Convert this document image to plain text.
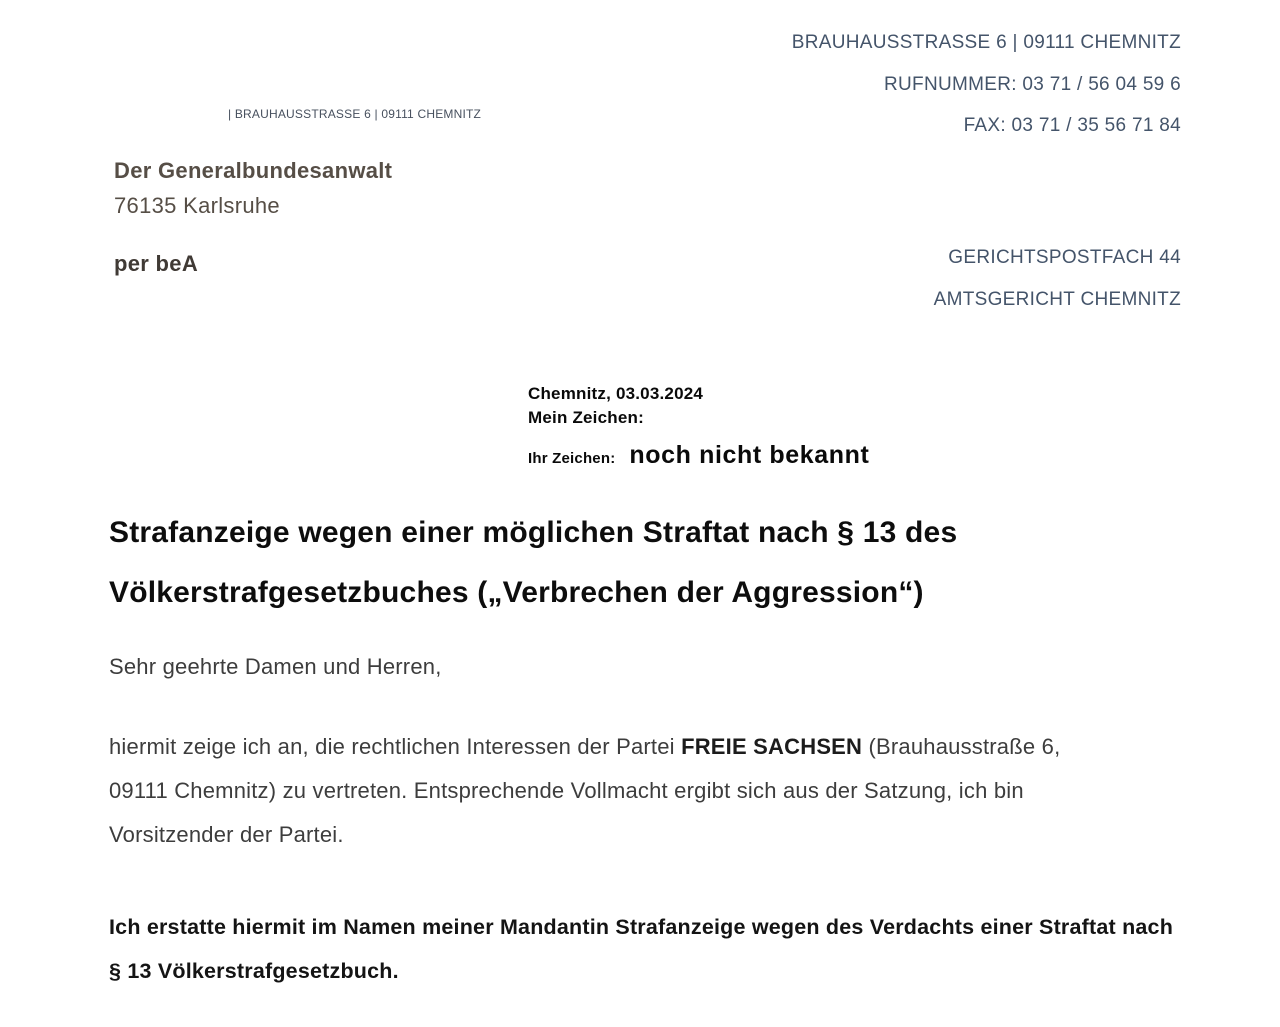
BRAUHAUSSTRASSE 6 | 09111 CHEMNITZ
RUFNUMMER: 03 71 / 56 04 59 6
FAX: 03 71 / 35 56 71 84
| BRAUHAUSSTRASSE 6 | 09111 CHEMNITZ
Der Generalbundesanwalt
76135 Karlsruhe
per beA	GERICHTSPOSTFACH 44
AMTSGERICHT CHEMNITZ
Chemnitz, 03.03.2024
Mein Zeichen:
Ihr Zeichen: noch nicht bekannt
Strafanzeige wegen einer möglichen Straftat nach § 13 des Völkerstrafgesetzbuches („Verbrechen der Aggression“)

Sehr geehrte Damen und Herren,

hiermit zeige ich an, die rechtlichen Interessen der Partei FREIE SACHSEN (Brauhausstraße 6, 09111 Chemnitz) zu vertreten. Entsprechende Vollmacht ergibt sich aus der Satzung, ich bin Vorsitzender der Partei.

Ich erstatte hiermit im Namen meiner Mandantin Strafanzeige wegen des Verdachts einer Straftat nach § 13 Völkerstrafgesetzbuch.
